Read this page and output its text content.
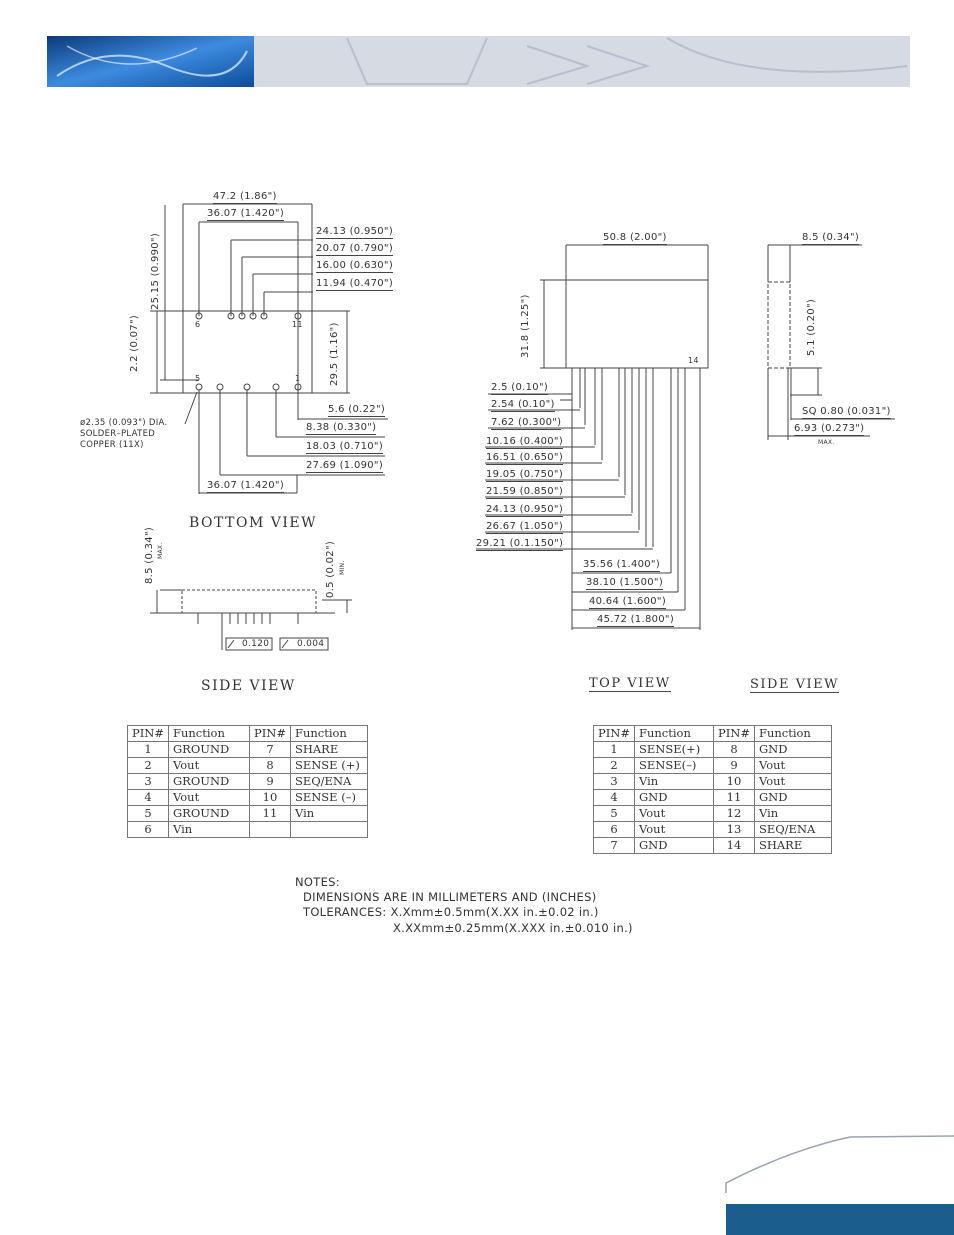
47.2 (1.86")
36.07 (1.420")
24.13 (0.950")
20.07 (0.790")
16.00 (0.630")
11.94 (0.470")
25.15 (0.990")
2.2 (0.07")	29.5 (1.16")
6	11
5	1
5.6 (0.22")
8.38 (0.330")
18.03 (0.710")
27.69 (1.090")
36.07 (1.420")
ø2.35 (0.093") DIA.
SOLDER–PLATED
COPPER (11X)
BOTTOM VIEW
8.5 (0.34") MAX.	0.5 (0.02") MIN.
0.120	0.004
SIDE VIEW
50.8 (2.00")
31.8 (1.25")
14
2.5 (0.10")
2.54 (0.10")
7.62 (0.300")
10.16 (0.400")
16.51 (0.650")
19.05 (0.750")
21.59 (0.850")
24.13 (0.950")
26.67 (1.050")
29.21 (0.1.150")
35.56 (1.400")
38.10 (1.500")
40.64 (1.600")
45.72 (1.800")
TOP VIEW
8.5 (0.34")
5.1 (0.20")
SQ 0.80 (0.031")
6.93 (0.273")
MAX.
SIDE VIEW
PIN#	Function	PIN#	Function
1	GROUND	7	SHARE
2	Vout	8	SENSE (+)
3	GROUND	9	SEQ/ENA
4	Vout	10	SENSE (–)
5	GROUND	11	Vin
6	Vin		
PIN#	Function	PIN#	Function
1	SENSE(+)	8	GND
2	SENSE(–)	9	Vout
3	Vin	10	Vout
4	GND	11	GND
5	Vout	12	Vin
6	Vout	13	SEQ/ENA
7	GND	14	SHARE
NOTES:
DIMENSIONS ARE IN MILLIMETERS AND (INCHES)
TOLERANCES: X.Xmm±0.5mm(X.XX in.±0.02 in.)
X.XXmm±0.25mm(X.XXX in.±0.010 in.)
